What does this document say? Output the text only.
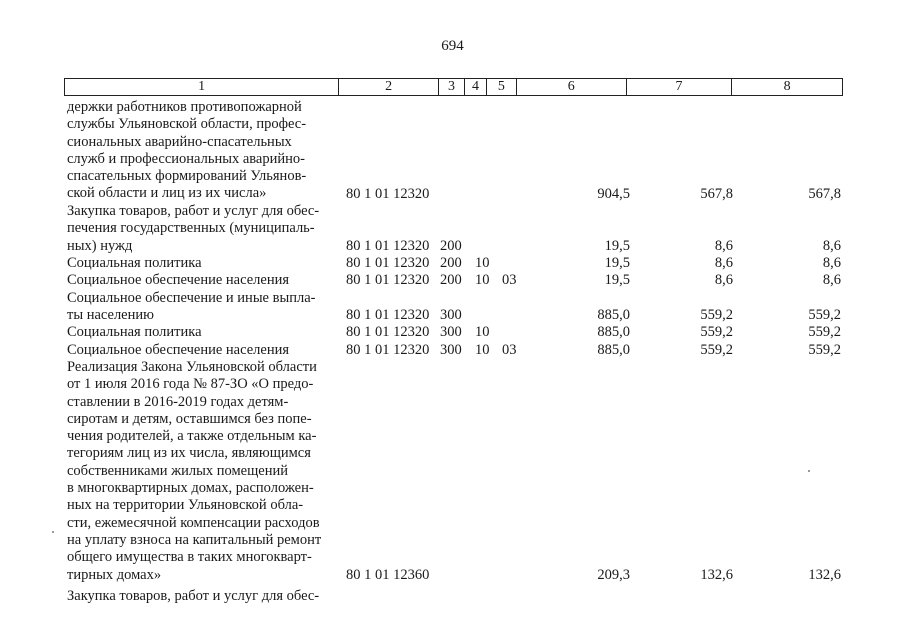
694
1	2	3	4	5	6	7	8
держки работников противопожарной
службы Ульяновской области, профес-
сиональных аварийно-спасательных
служб и профессиональных аварийно-
спасательных формирований Ульянов-
ской области и лиц из их числа»	80 1 01 12320	904,5	567,8	567,8
Закупка товаров, работ и услуг для обес-
печения государственных (муниципаль-
ных) нужд	80 1 01 12320 200	19,5	8,6	8,6
Социальная политика	80 1 01 12320 200 10	19,5	8,6	8,6
Социальное обеспечение населения	80 1 01 12320 200 10 03	19,5	8,6	8,6
Социальное обеспечение и иные выпла-
ты населению	80 1 01 12320 300	885,0	559,2	559,2
Социальная политика	80 1 01 12320 300 10	885,0	559,2	559,2
Социальное обеспечение населения	80 1 01 12320 300 10 03	885,0	559,2	559,2
Реализация Закона Ульяновской области
от 1 июля 2016 года № 87-ЗО «О предо-
ставлении в 2016-2019 годах детям-
сиротам и детям, оставшимся без попе-
чения родителей, а также отдельным ка-
тегориям лиц из их числа, являющимся
собственниками жилых помещений
в многоквартирных домах, расположен-
ных на территории Ульяновской обла-
сти, ежемесячной компенсации расходов
на уплату взноса на капитальный ремонт
общего имущества в таких многокварт-
тирных домах»	80 1 01 12360	209,3	132,6	132,6
Закупка товаров, работ и услуг для обес-
